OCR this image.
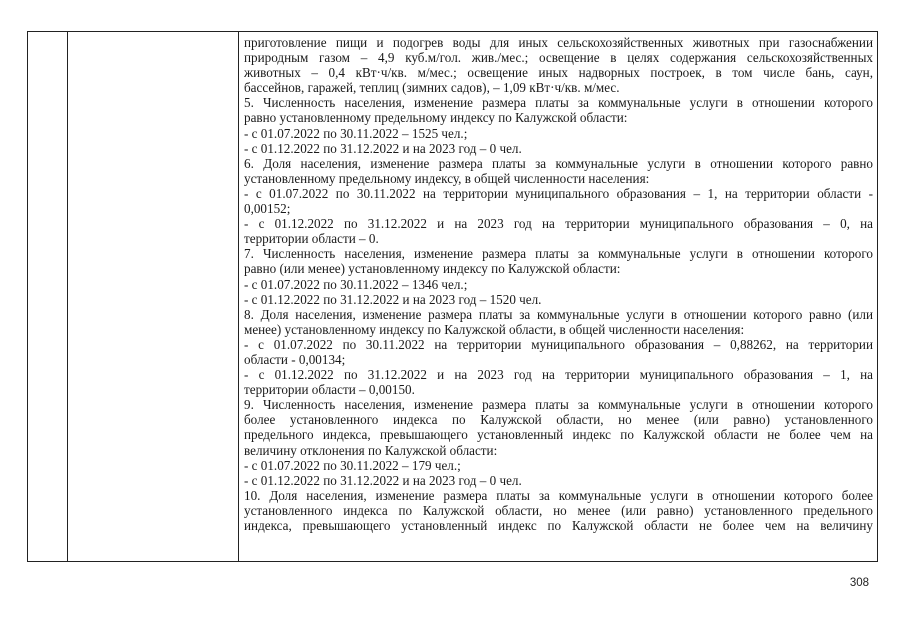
приготовление пищи и подогрев воды для иных сельскохозяйственных животных при газоснабжении

природным газом – 4,9 куб.м/гол. жив./мес.; освещение в целях содержания сельскохозяйственных

животных – 0,4 кВт·ч/кв. м/мес.; освещение иных надворных построек, в том числе бань, саун,

бассейнов, гаражей, теплиц (зимних садов), – 1,09 кВт·ч/кв. м/мес.

5. Численность населения, изменение размера платы за коммунальные услуги в отношении которого

равно установленному предельному индексу по Калужской области:

- с 01.07.2022 по 30.11.2022 – 1525 чел.;

- с 01.12.2022 по 31.12.2022 и на 2023 год – 0 чел.

6. Доля населения, изменение размера платы за коммунальные услуги в отношении которого равно

установленному предельному индексу, в общей численности населения:

- с 01.07.2022 по 30.11.2022 на территории муниципального образования – 1, на территории области -

0,00152;

- с 01.12.2022 по 31.12.2022 и на 2023 год на территории муниципального образования – 0, на

территории области – 0.

7. Численность населения, изменение размера платы за коммунальные услуги в отношении которого

равно (или менее) установленному индексу по Калужской области:

- с 01.07.2022 по 30.11.2022 – 1346 чел.;

- с 01.12.2022 по 31.12.2022 и на 2023 год – 1520 чел.

8. Доля населения, изменение размера платы за коммунальные услуги в отношении которого равно (или

менее) установленному индексу по Калужской области, в общей численности населения:

- с 01.07.2022 по 30.11.2022 на территории муниципального образования – 0,88262, на территории

области - 0,00134;

- с 01.12.2022 по 31.12.2022 и на 2023 год на территории муниципального образования – 1, на

территории области – 0,00150.

9. Численность населения, изменение размера платы за коммунальные услуги в отношении которого

более установленного индекса по Калужской области, но менее (или равно) установленного

предельного индекса, превышающего установленный индекс по Калужской области не более чем на

величину отклонения по Калужской области:

- с 01.07.2022 по 30.11.2022 – 179 чел.;

- с 01.12.2022 по 31.12.2022 и на 2023 год – 0 чел.

10. Доля населения, изменение размера платы за коммунальные услуги в отношении которого более

установленного индекса по Калужской области, но менее (или равно) установленного предельного

индекса, превышающего установленный индекс по Калужской области не более чем на величину

308
